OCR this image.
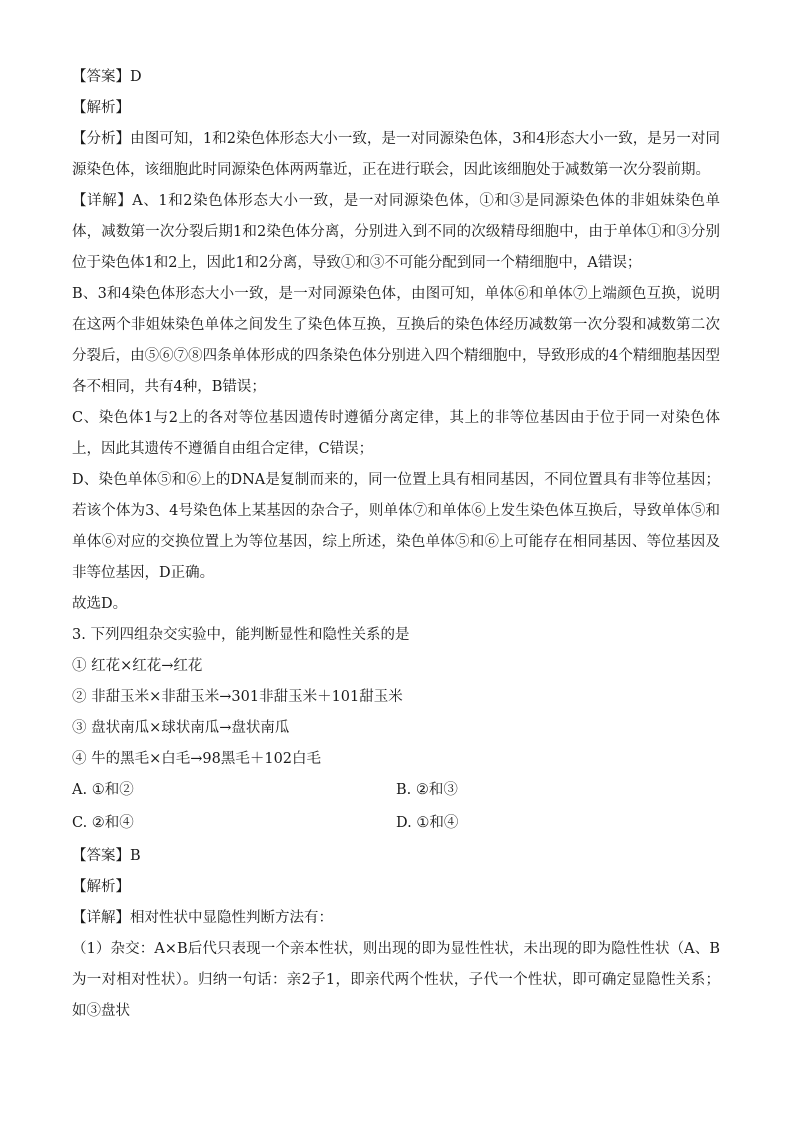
【答案】D

【解析】

【分析】由图可知，1和2染色体形态大小一致，是一对同源染色体，3和4形态大小一致，是另一对同源染色体，该细胞此时同源染色体两两靠近，正在进行联会，因此该细胞处于减数第一次分裂前期。

【详解】A、1和2染色体形态大小一致，是一对同源染色体，①和③是同源染色体的非姐妹染色单体，减数第一次分裂后期1和2染色体分离，分别进入到不同的次级精母细胞中，由于单体①和③分别位于染色体1和2上，因此1和2分离，导致①和③不可能分配到同一个精细胞中，A错误；

B、3和4染色体形态大小一致，是一对同源染色体，由图可知，单体⑥和单体⑦上端颜色互换，说明在这两个非姐妹染色单体之间发生了染色体互换，互换后的染色体经历减数第一次分裂和减数第二次分裂后，由⑤⑥⑦⑧四条单体形成的四条染色体分别进入四个精细胞中，导致形成的4个精细胞基因型各不相同，共有4种，B错误；

C、染色体1与2上的各对等位基因遗传时遵循分离定律，其上的非等位基因由于位于同一对染色体上，因此其遗传不遵循自由组合定律，C错误；

D、染色单体⑤和⑥上的DNA是复制而来的，同一位置上具有相同基因，不同位置具有非等位基因；若该个体为3、4号染色体上某基因的杂合子，则单体⑦和单体⑥上发生染色体互换后，导致单体⑤和单体⑥对应的交换位置上为等位基因，综上所述，染色单体⑤和⑥上可能存在相同基因、等位基因及非等位基因，D正确。

故选D。

3. 下列四组杂交实验中，能判断显性和隐性关系的是

① 红花×红花→红花

② 非甜玉米×非甜玉米→301非甜玉米＋101甜玉米

③ 盘状南瓜×球状南瓜→盘状南瓜

④ 牛的黑毛×白毛→98黑毛＋102白毛

A. ①和②	B. ②和③
C. ②和④	D. ①和④

【答案】B

【解析】

【详解】相对性状中显隐性判断方法有：

（1）杂交：A×B后代只表现一个亲本性状，则出现的即为显性性状，未出现的即为隐性性状（A、B为一对相对性状）。归纳一句话：亲2子1，即亲代两个性状，子代一个性状，即可确定显隐性关系；如③盘状
